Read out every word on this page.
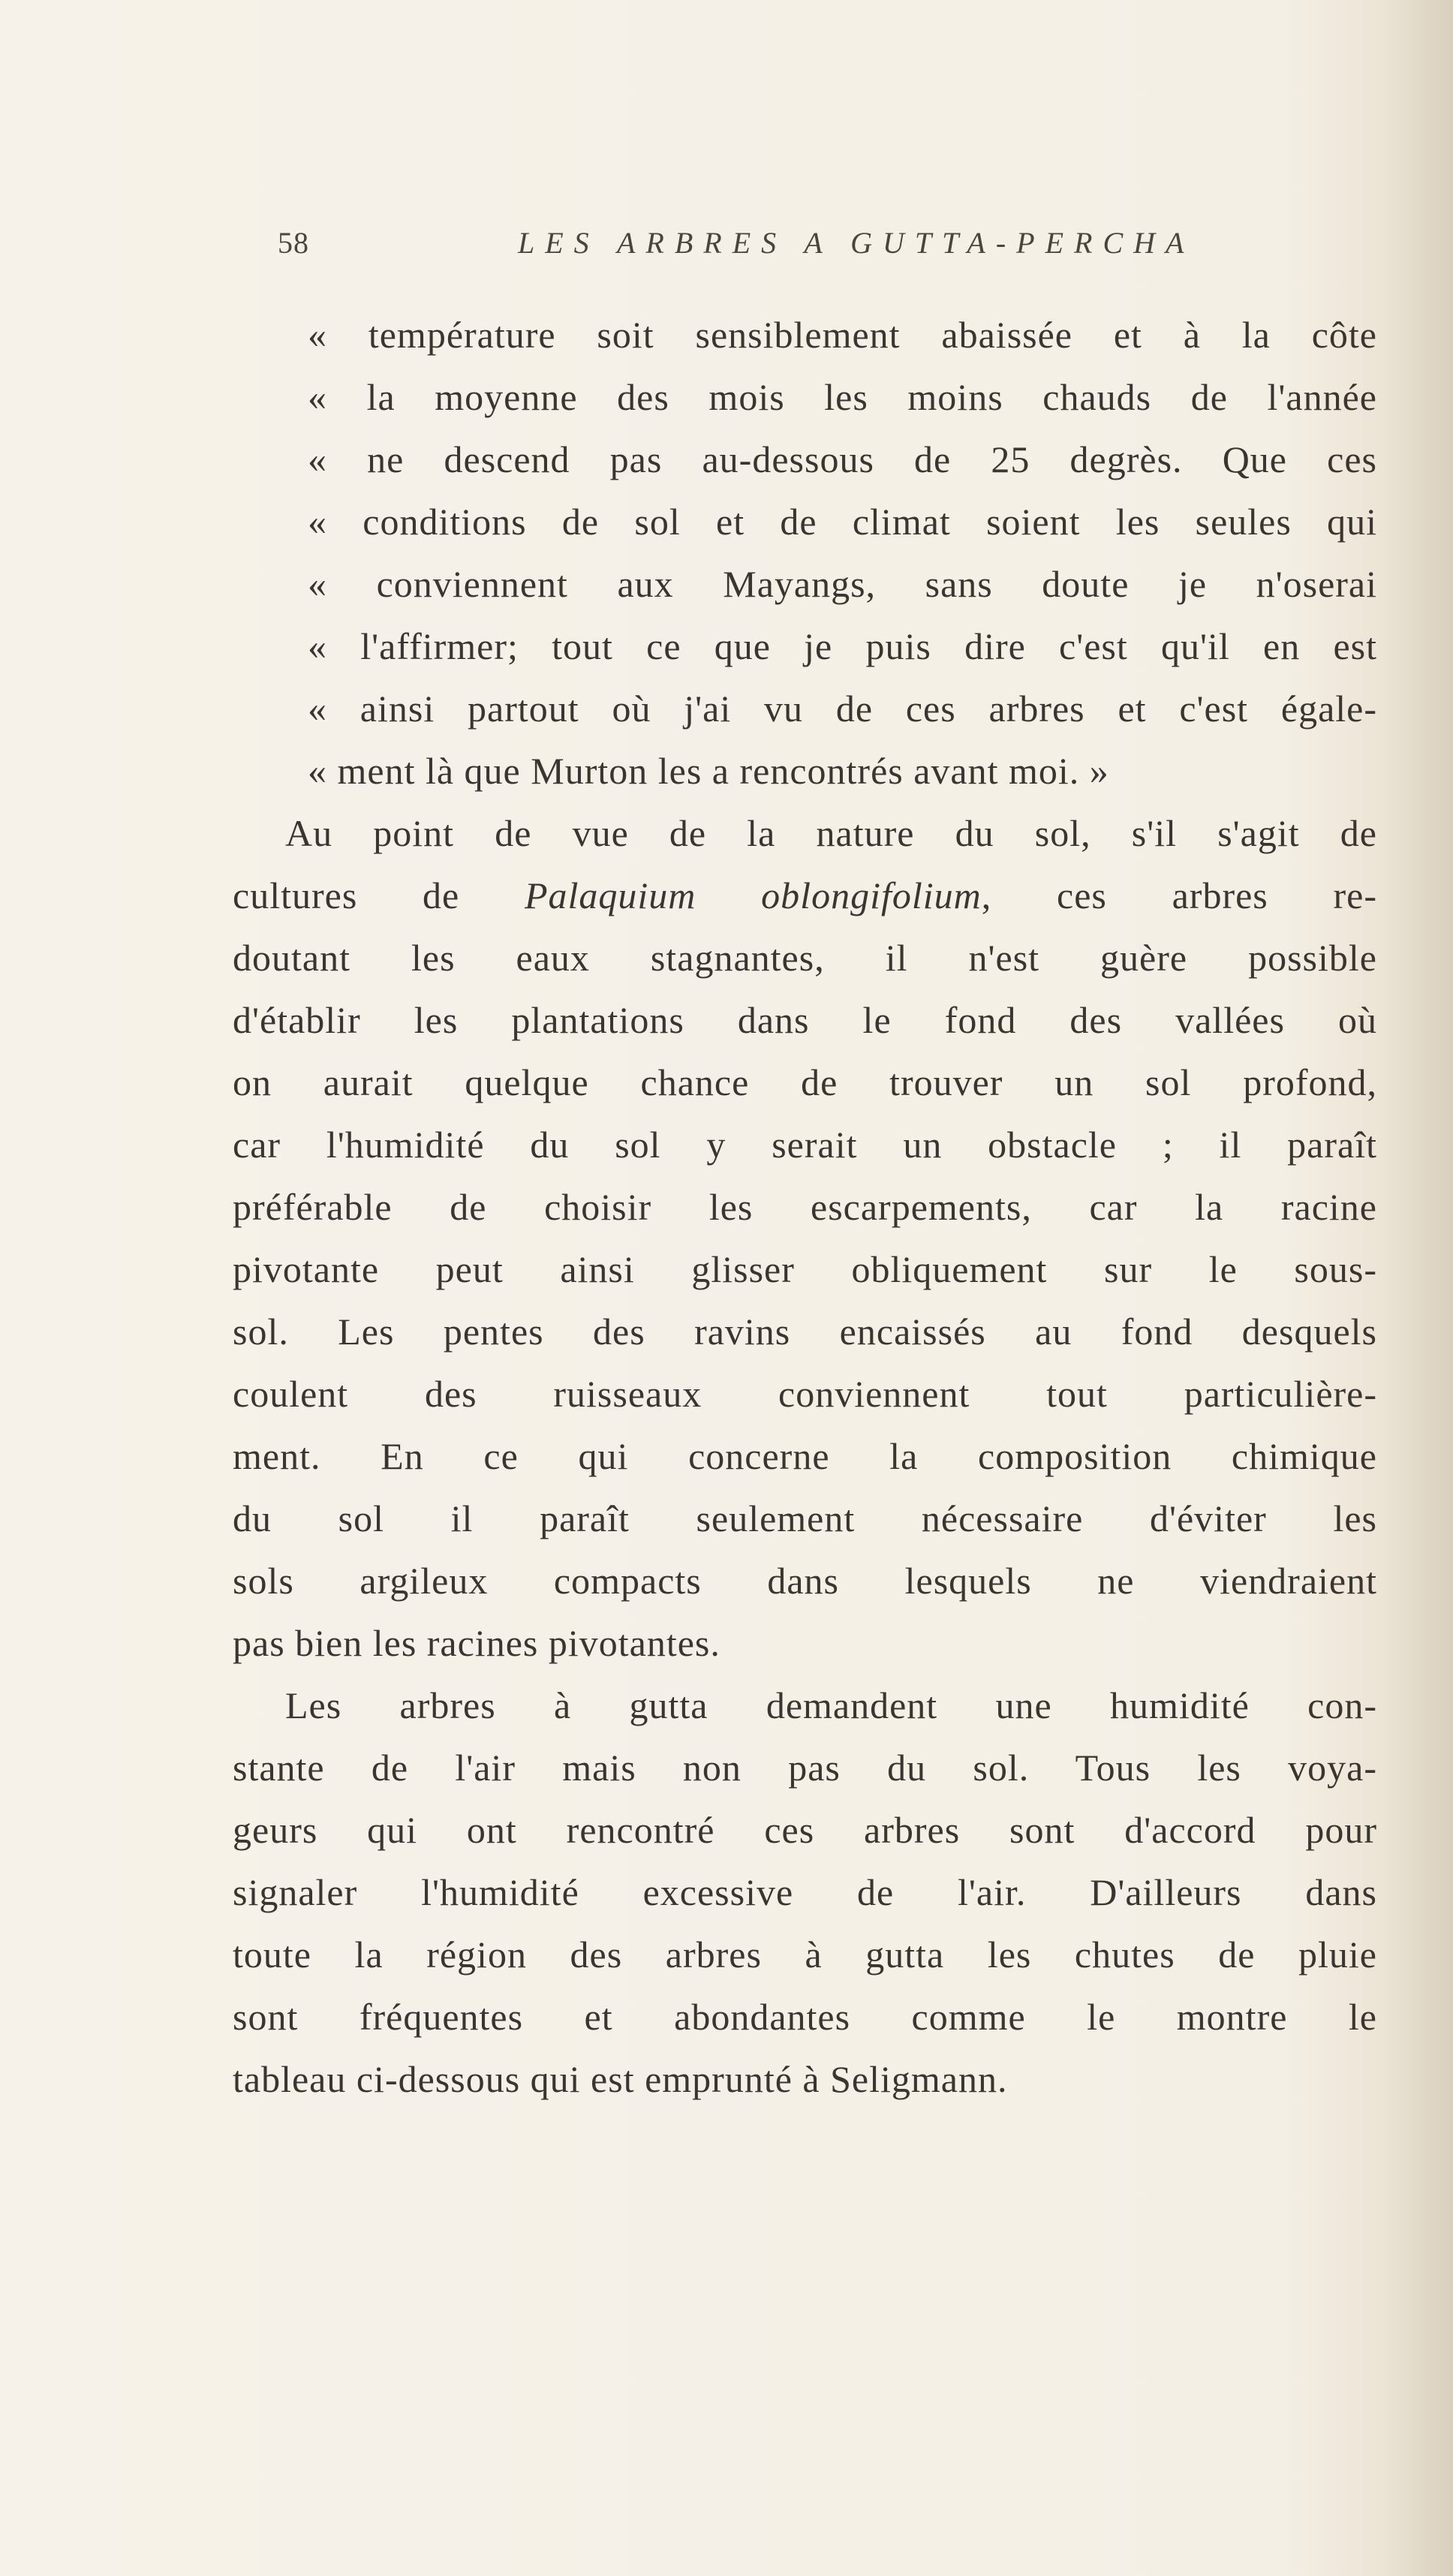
58	LES ARBRES A GUTTA-PERCHA
« température soit sensiblement abaissée et à la côte
« la moyenne des mois les moins chauds de l'année
« ne descend pas au-dessous de 25 degrès. Que ces
« conditions de sol et de climat soient les seules qui
« conviennent aux Mayangs, sans doute je n'oserai
« l'affirmer; tout ce que je puis dire c'est qu'il en est
« ainsi partout où j'ai vu de ces arbres et c'est égale-
« ment là que Murton les a rencontrés avant moi. »
Au point de vue de la nature du sol, s'il s'agit de
cultures de Palaquium oblongifolium, ces arbres re-
doutant les eaux stagnantes, il n'est guère possible
d'établir les plantations dans le fond des vallées où
on aurait quelque chance de trouver un sol profond,
car l'humidité du sol y serait un obstacle ; il paraît
préférable de choisir les escarpements, car la racine
pivotante peut ainsi glisser obliquement sur le sous-
sol. Les pentes des ravins encaissés au fond desquels
coulent des ruisseaux conviennent tout particulière-
ment. En ce qui concerne la composition chimique
du sol il paraît seulement nécessaire d'éviter les
sols argileux compacts dans lesquels ne viendraient
pas bien les racines pivotantes.
Les arbres à gutta demandent une humidité con-
stante de l'air mais non pas du sol. Tous les voya-
geurs qui ont rencontré ces arbres sont d'accord pour
signaler l'humidité excessive de l'air. D'ailleurs dans
toute la région des arbres à gutta les chutes de pluie
sont fréquentes et abondantes comme le montre le
tableau ci-dessous qui est emprunté à Seligmann.
